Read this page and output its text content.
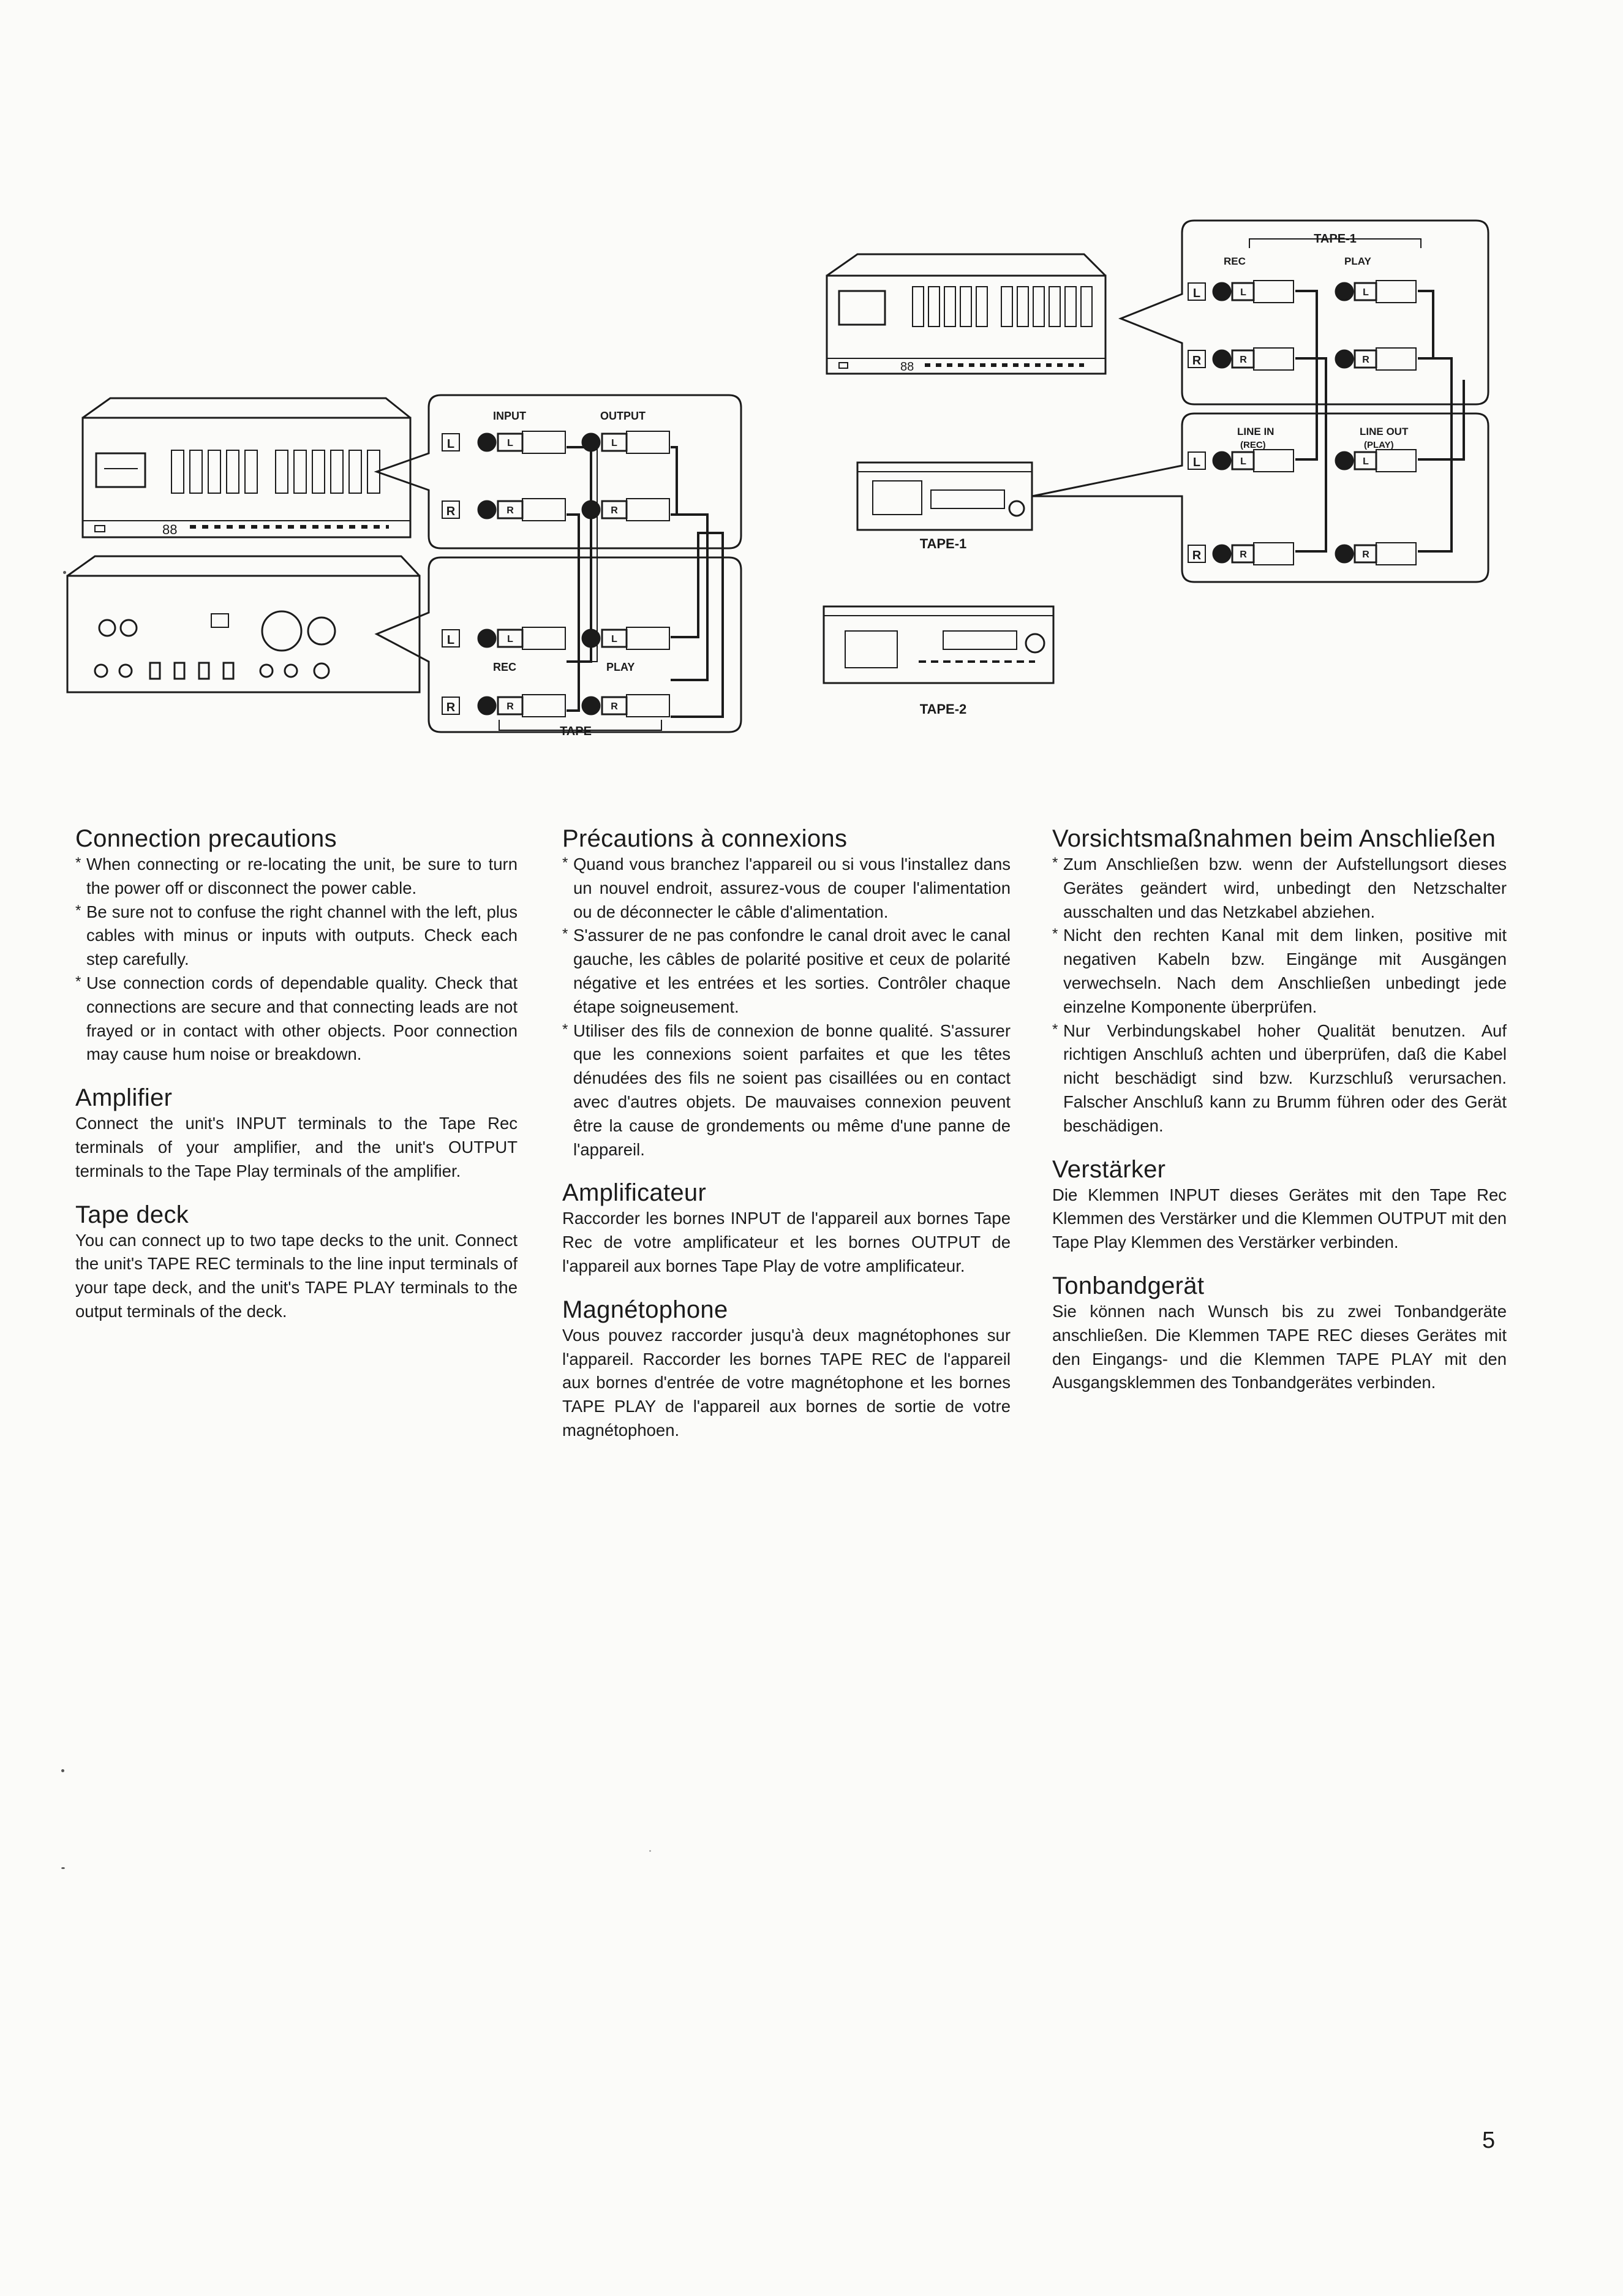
88
L
R
L
R
L	L
R	R
L	L
R	R
INPUT	OUTPUT
REC	PLAY
TAPE
88
L
R
L
R
L	L
R	R
L	L
R	R
TAPE-1
REC	PLAY
LINE IN
(REC)
LINE OUT
(PLAY)
TAPE-1
TAPE-2
Connection precautions

* When connecting or re-locating the unit, be sure to turn the power off or disconnect the power cable.

* Be sure not to confuse the right channel with the left, plus cables with minus or inputs with outputs. Check each step carefully.

* Use connection cords of dependable quality. Check that connections are secure and that connecting leads are not frayed or in contact with other objects. Poor connection may cause hum noise or breakdown.

Amplifier

Connect the unit's INPUT terminals to the Tape Rec terminals of your amplifier, and the unit's OUTPUT terminals to the Tape Play terminals of the amplifier.

Tape deck

You can connect up to two tape decks to the unit. Connect the unit's TAPE REC terminals to the line input terminals of your tape deck, and the unit's TAPE PLAY terminals to the output terminals of the deck.

Précautions à connexions

* Quand vous branchez l'appareil ou si vous l'installez dans un nouvel endroit, assurez-vous de couper l'alimentation ou de déconnecter le câble d'alimentation.

* S'assurer de ne pas confondre le canal droit avec le canal gauche, les câbles de polarité positive et ceux de polarité négative et les entrées et les sorties. Contrôler chaque étape soigneusement.

* Utiliser des fils de connexion de bonne qualité. S'assurer que les connexions soient parfaites et que les têtes dénudées des fils ne soient pas cisaillées ou en contact avec d'autres objets. De mauvaises connexion peuvent être la cause de grondements ou même d'une panne de l'appareil.

Amplificateur

Raccorder les bornes INPUT de l'appareil aux bornes Tape Rec de votre amplificateur et les bornes OUTPUT de l'appareil aux bornes Tape Play de votre amplificateur.

Magnétophone

Vous pouvez raccorder jusqu'à deux magnétophones sur l'appareil. Raccorder les bornes TAPE REC de l'appareil aux bornes d'entrée de votre magnétophone et les bornes TAPE PLAY de l'appareil aux bornes de sortie de votre magnétophoen.

Vorsichtsmaßnahmen beim Anschließen

* Zum Anschließen bzw. wenn der Aufstellungsort dieses Gerätes geändert wird, unbedingt den Netzschalter ausschalten und das Netzkabel abziehen.

* Nicht den rechten Kanal mit dem linken, positive mit negativen Kabeln bzw. Eingänge mit Ausgängen verwechseln. Nach dem Anschließen unbedingt jede einzelne Komponente überprüfen.

* Nur Verbindungskabel hoher Qualität benutzen. Auf richtigen Anschluß achten und überprüfen, daß die Kabel nicht beschädigt sind bzw. Kurzschluß verursachen. Falscher Anschluß kann zu Brumm führen oder des Gerät beschädigen.

Verstärker

Die Klemmen INPUT dieses Gerätes mit den Tape Rec Klemmen des Verstärker und die Klemmen OUTPUT mit den Tape Play Klemmen des Verstärker verbinden.

Tonbandgerät

Sie können nach Wunsch bis zu zwei Tonbandgeräte anschließen. Die Klemmen TAPE REC dieses Gerätes mit den Eingangs- und die Klemmen TAPE PLAY mit den Ausgangsklemmen des Tonbandgerätes verbinden.

5
